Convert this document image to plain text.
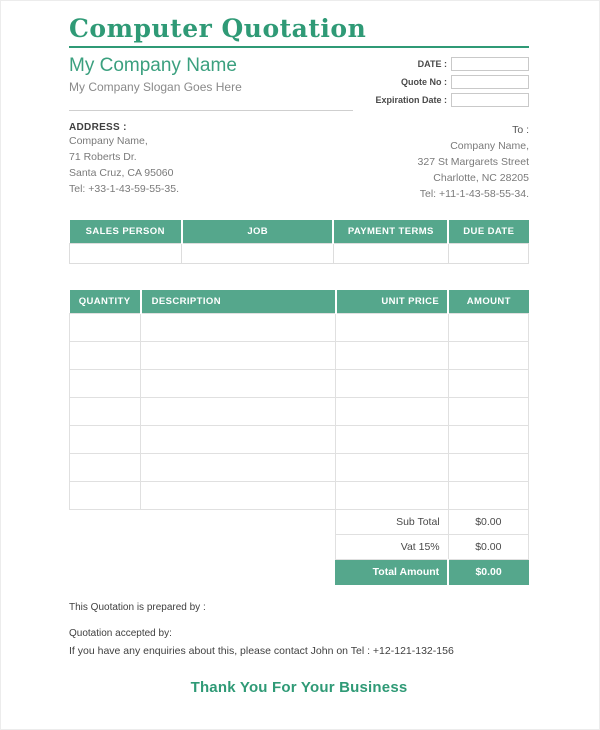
Computer Quotation
My Company Name
My Company Slogan Goes Here
DATE :
Quote No :
Expiration Date :
ADDRESS :
Company Name,
71 Roberts Dr.
Santa Cruz, CA 95060
Tel: +33-1-43-59-55-35.
To :
Company Name,
327 St Margarets Street
Charlotte, NC 28205
Tel: +11-1-43-58-55-34.
SALES PERSON	JOB	PAYMENT TERMS	DUE DATE

QUANTITY	DESCRIPTION	UNIT PRICE	AMOUNT

		Sub Total	$0.00
		Vat 15%	$0.00
		Total Amount	$0.00
This Quotation is prepared by :
Quotation accepted by:
If you have any enquiries about this, please contact John on Tel : +12-121-132-156
Thank You For Your Business
